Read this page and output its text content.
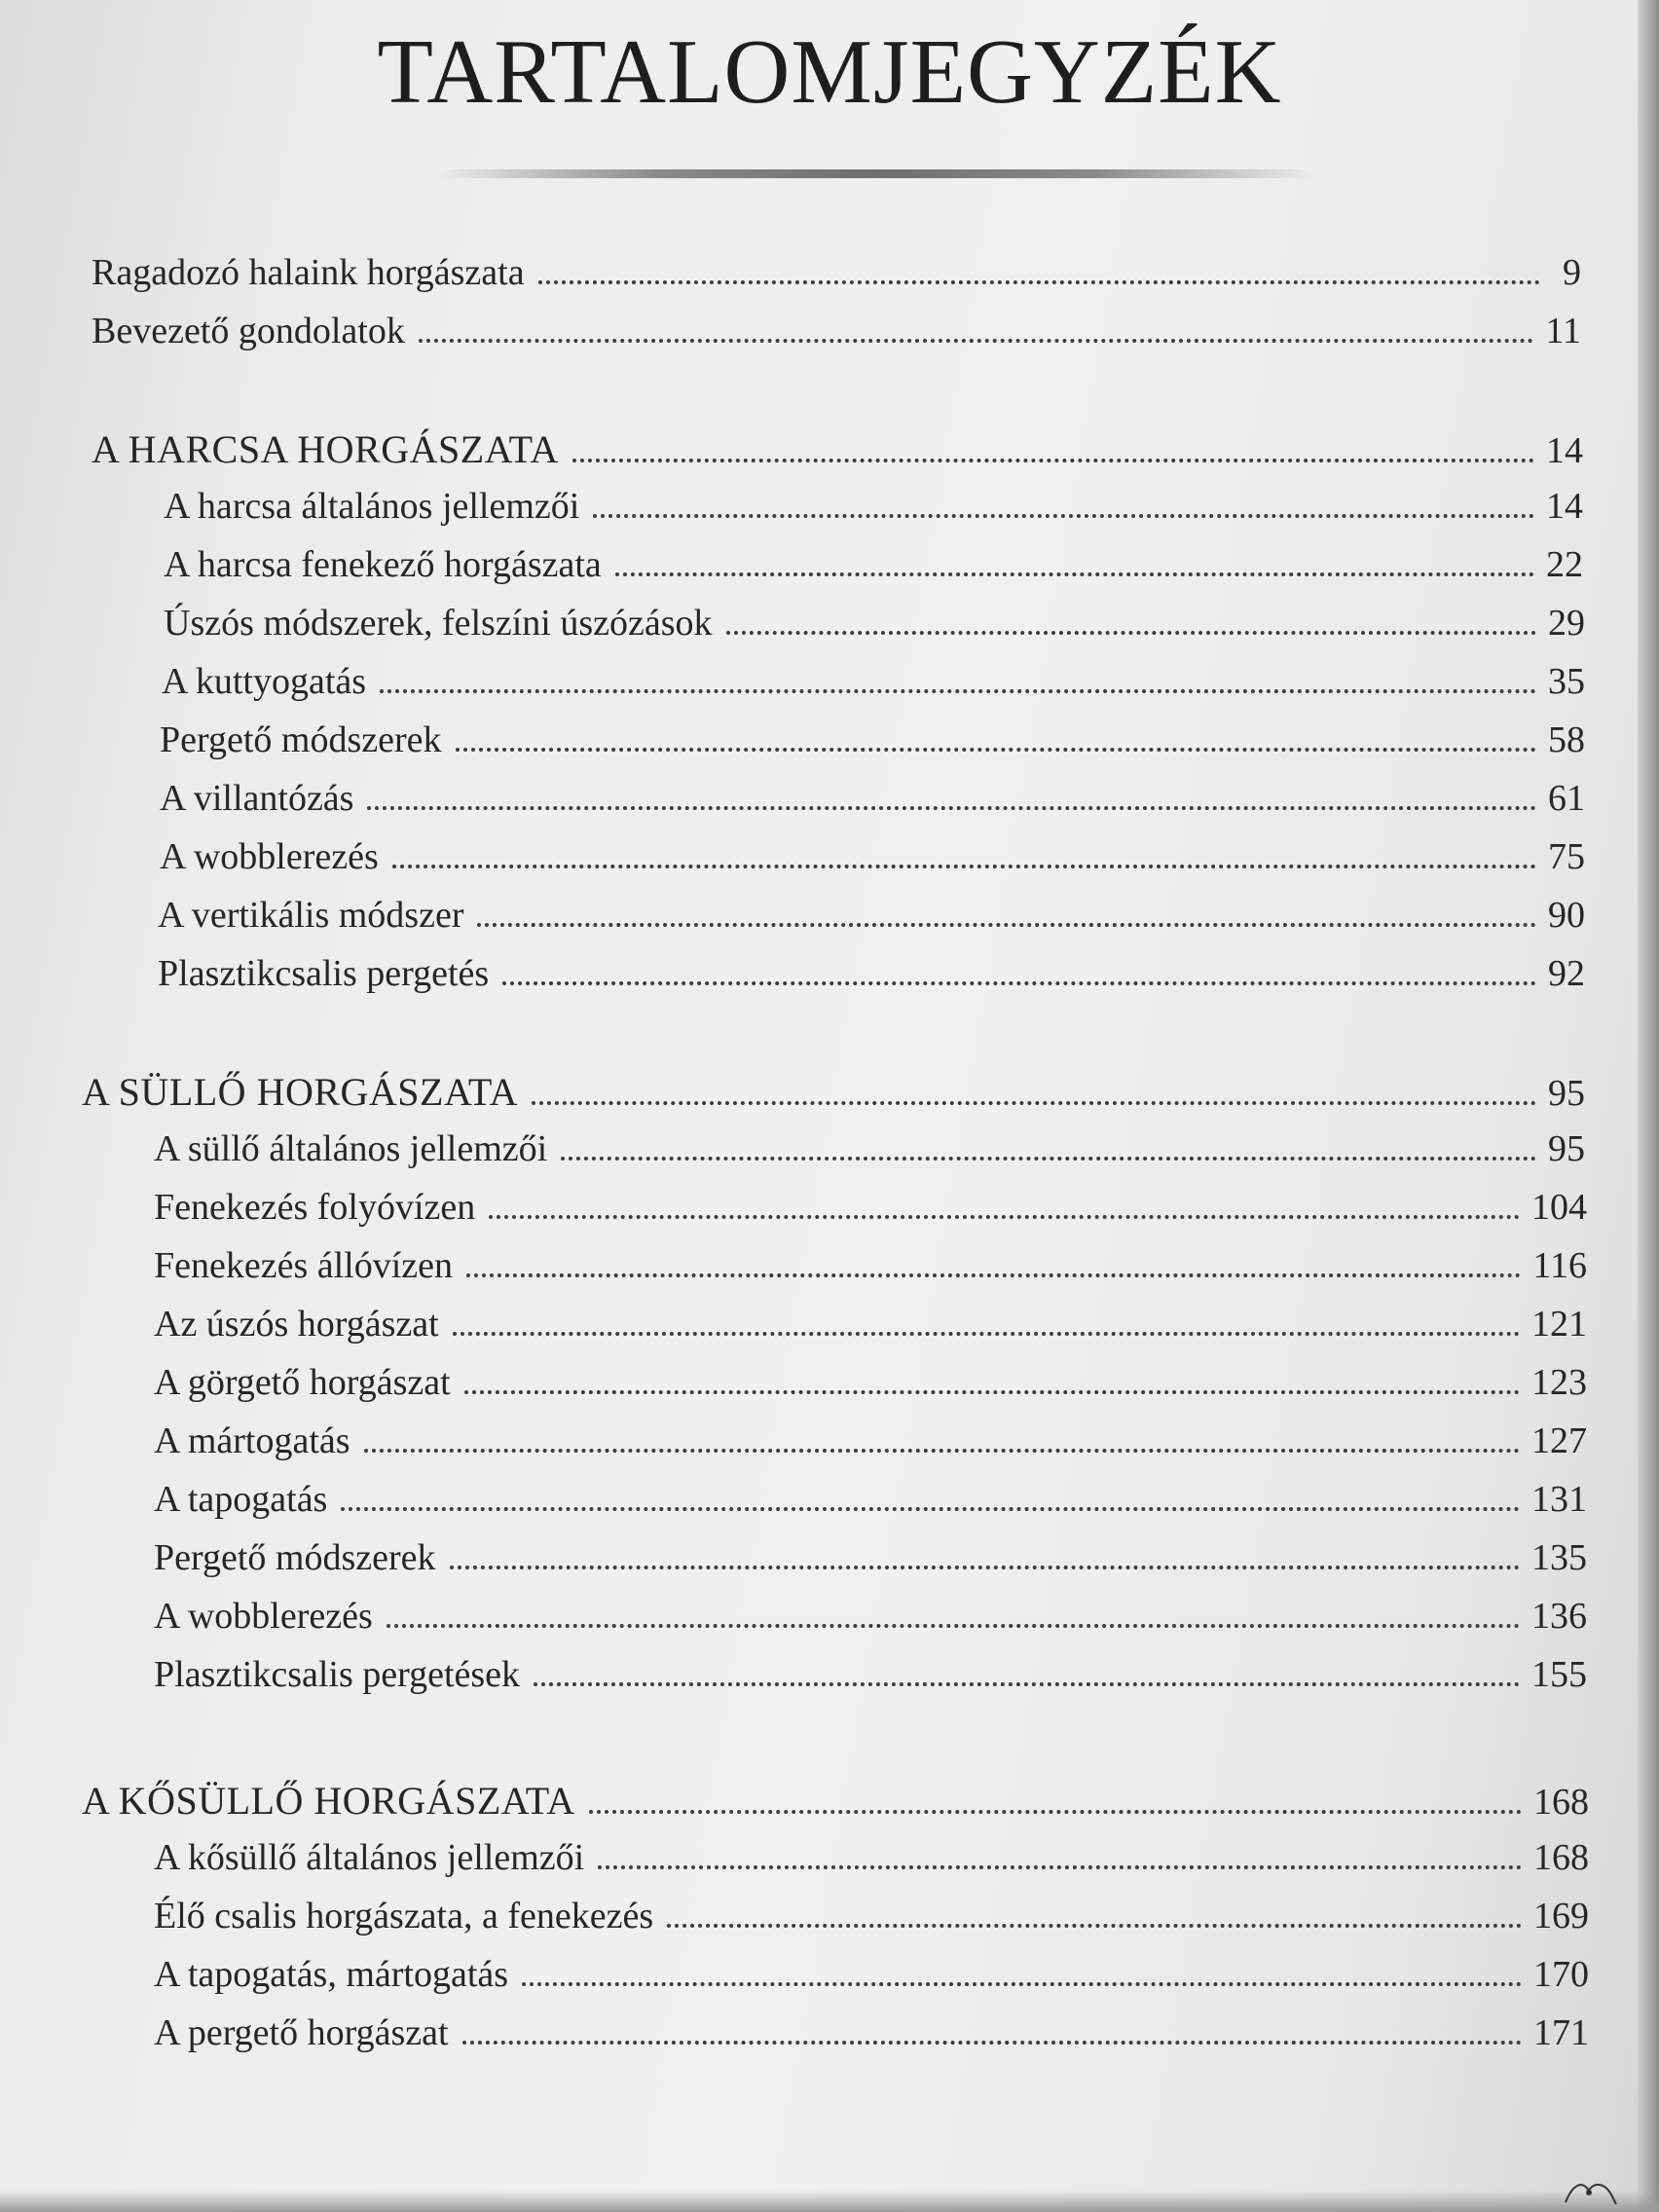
TARTALOMJEGYZÉK
Ragadozó halaink horgászata	9
Bevezető gondolatok	11
A HARCSA HORGÁSZATA	14
A harcsa általános jellemzői	14
A harcsa fenekező horgászata	22
Úszós módszerek, felszíni úszózások	29
A kuttyogatás	35
Pergető módszerek	58
A villantózás	61
A wobblerezés	75
A vertikális módszer	90
Plasztikcsalis pergetés	92
A SÜLLŐ HORGÁSZATA	95
A süllő általános jellemzői	95
Fenekezés folyóvízen	104
Fenekezés állóvízen	116
Az úszós horgászat	121
A görgető horgászat	123
A mártogatás	127
A tapogatás	131
Pergető módszerek	135
A wobblerezés	136
Plasztikcsalis pergetések	155
A KŐSÜLLŐ HORGÁSZATA	168
A kősüllő általános jellemzői	168
Élő csalis horgászata, a fenekezés	169
A tapogatás, mártogatás	170
A pergető horgászat	171
